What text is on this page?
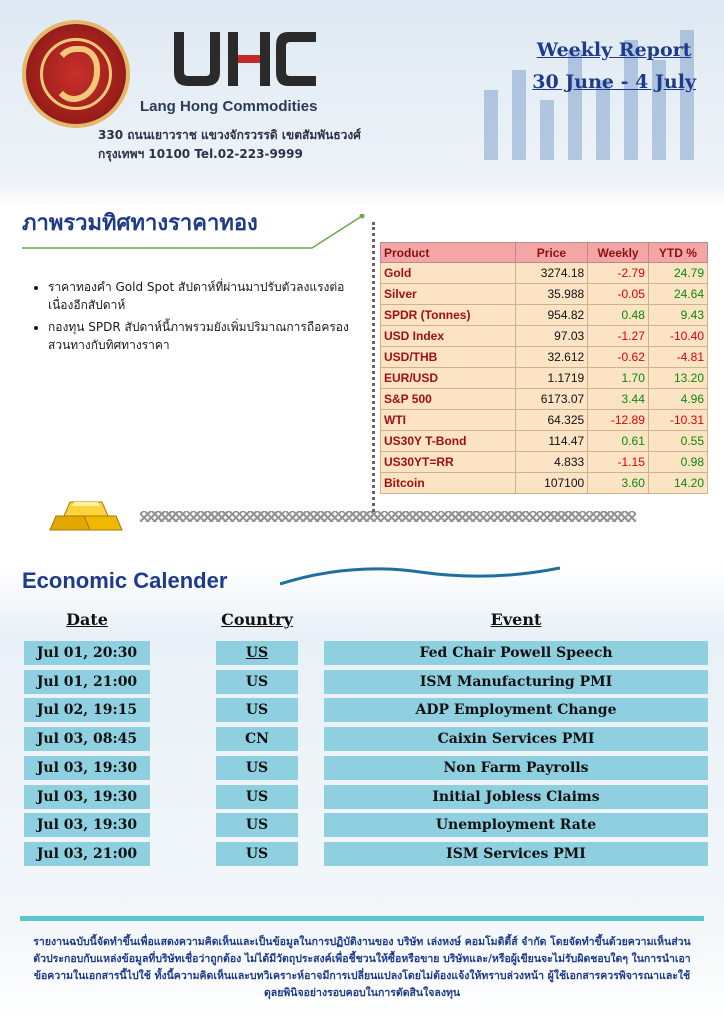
Lang Hong Commodities
330 ถนนเยาวราช แขวงจักรวรรดิ เขตสัมพันธวงศ์
กรุงเทพฯ 10100 Tel.02-223-9999
Weekly Report
30 June - 4 July
ภาพรวมทิศทางราคาทอง
• ราคาทองคำ Gold Spot สัปดาห์ที่ผ่านมาปรับตัวลงแรงต่อเนื่องอีกสัปดาห์
• กองทุน SPDR สัปดาห์นี้ภาพรวมยังเพิ่มปริมาณการถือครองสวนทางกับทิศทางราคา
Product	Price	Weekly	YTD %
Gold	3274.18	-2.79	24.79
Silver	35.988	-0.05	24.64
SPDR (Tonnes)	954.82	0.48	9.43
USD Index	97.03	-1.27	-10.40
USD/THB	32.612	-0.62	-4.81
EUR/USD	1.1719	1.70	13.20
S&P 500	6173.07	3.44	4.96
WTI	64.325	-12.89	-10.31
US30Y T-Bond	114.47	0.61	0.55
US30YT=RR	4.833	-1.15	0.98
Bitcoin	107100	3.60	14.20
Economic Calender
Date	Country	Event
Jul 01, 20:30	US	Fed Chair Powell Speech
Jul 01, 21:00	US	ISM Manufacturing PMI
Jul 02, 19:15	US	ADP Employment Change
Jul 03, 08:45	CN	Caixin Services PMI
Jul 03, 19:30	US	Non Farm Payrolls
Jul 03, 19:30	US	Initial Jobless Claims
Jul 03, 19:30	US	Unemployment Rate
Jul 03, 21:00	US	ISM Services PMI
รายงานฉบับนี้จัดทำขึ้นเพื่อแสดงความคิดเห็นและเป็นข้อมูลในการปฏิบัติงานของ บริษัท เล่งหงษ์ คอมโมดิตี้ส์ จำกัด โดยจัดทำขึ้นด้วยความเห็นส่วนตัวประกอบกับแหล่งข้อมูลที่บริษัทเชื่อว่าถูกต้อง ไม่ได้มีวัตถุประสงค์เพื่อชี้ชวนให้ซื้อหรือขาย บริษัทและ/หรือผู้เขียนจะไม่รับผิดชอบใดๆ ในการนำเอาข้อความในเอกสารนี้ไปใช้ ทั้งนี้ความคิดเห็นและบทวิเคราะห์อาจมีการเปลี่ยนแปลงโดยไม่ต้องแจ้งให้ทราบล่วงหน้า ผู้ใช้เอกสารควรพิจารณาและใช้ดุลยพินิจอย่างรอบคอบในการตัดสินใจลงทุน
